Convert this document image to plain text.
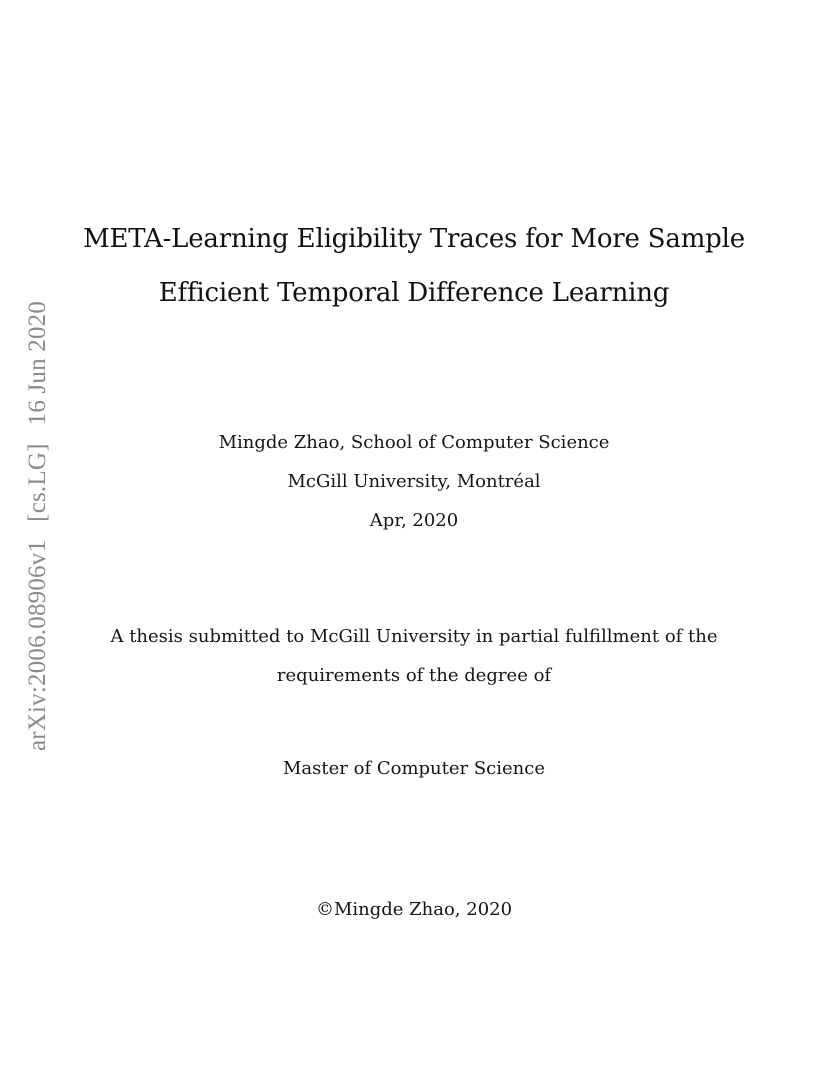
arXiv:2006.08906v1[cs.LG]16 Jun 2020
META-Learning Eligibility Traces for More Sample
Efficient Temporal Difference Learning
Mingde Zhao, School of Computer Science
McGill University, Montréal
Apr, 2020
A thesis submitted to McGill University in partial fulfillment of the
requirements of the degree of
Master of Computer Science
©Mingde Zhao, 2020
